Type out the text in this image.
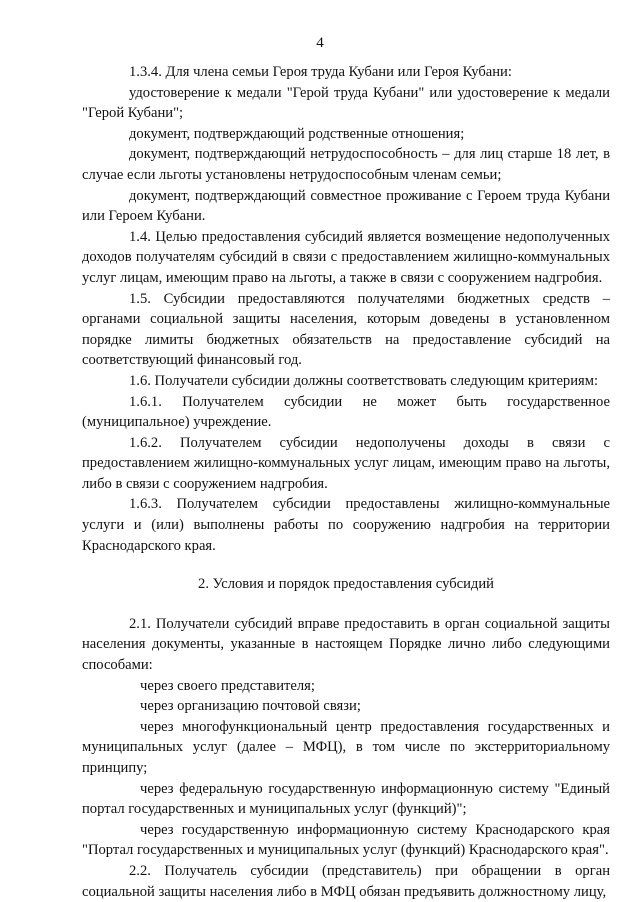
4

1.3.4. Для члена семьи Героя труда Кубани или Героя Кубани:

удостоверение к медали "Герой труда Кубани" или удостоверение к медали "Герой Кубани";

документ, подтверждающий родственные отношения;

документ, подтверждающий нетрудоспособность – для лиц старше 18 лет, в случае если льготы установлены нетрудоспособным членам семьи;

документ, подтверждающий совместное проживание с Героем труда Кубани или Героем Кубани.

1.4. Целью предоставления субсидий является возмещение недополученных доходов получателям субсидий в связи с предоставлением жилищно-коммунальных услуг лицам, имеющим право на льготы, а также в связи с сооружением надгробия.

1.5. Субсидии предоставляются получателями бюджетных средств – органами социальной защиты населения, которым доведены в установленном порядке лимиты бюджетных обязательств на предоставление субсидий на соответствующий финансовый год.

1.6. Получатели субсидии должны соответствовать следующим критериям:

1.6.1. Получателем субсидии не может быть государственное (муниципальное) учреждение.

1.6.2. Получателем субсидии недополучены доходы в связи с предоставлением жилищно-коммунальных услуг лицам, имеющим право на льготы, либо в связи с сооружением надгробия.

1.6.3. Получателем субсидии предоставлены жилищно-коммунальные услуги и (или) выполнены работы по сооружению надгробия на территории Краснодарского края.

2. Условия и порядок предоставления субсидий

2.1. Получатели субсидий вправе предоставить в орган социальной защиты населения документы, указанные в настоящем Порядке лично либо следующими способами:

через своего представителя;

через организацию почтовой связи;

через многофункциональный центр предоставления государственных и муниципальных услуг (далее – МФЦ), в том числе по экстерриториальному принципу;

через федеральную государственную информационную систему "Единый портал государственных и муниципальных услуг (функций)";

через государственную информационную систему Краснодарского края "Портал государственных и муниципальных услуг (функций) Краснодарского края".

2.2. Получатель субсидии (представитель) при обращении в орган социальной защиты населения либо в МФЦ обязан предъявить должностному лицу,
